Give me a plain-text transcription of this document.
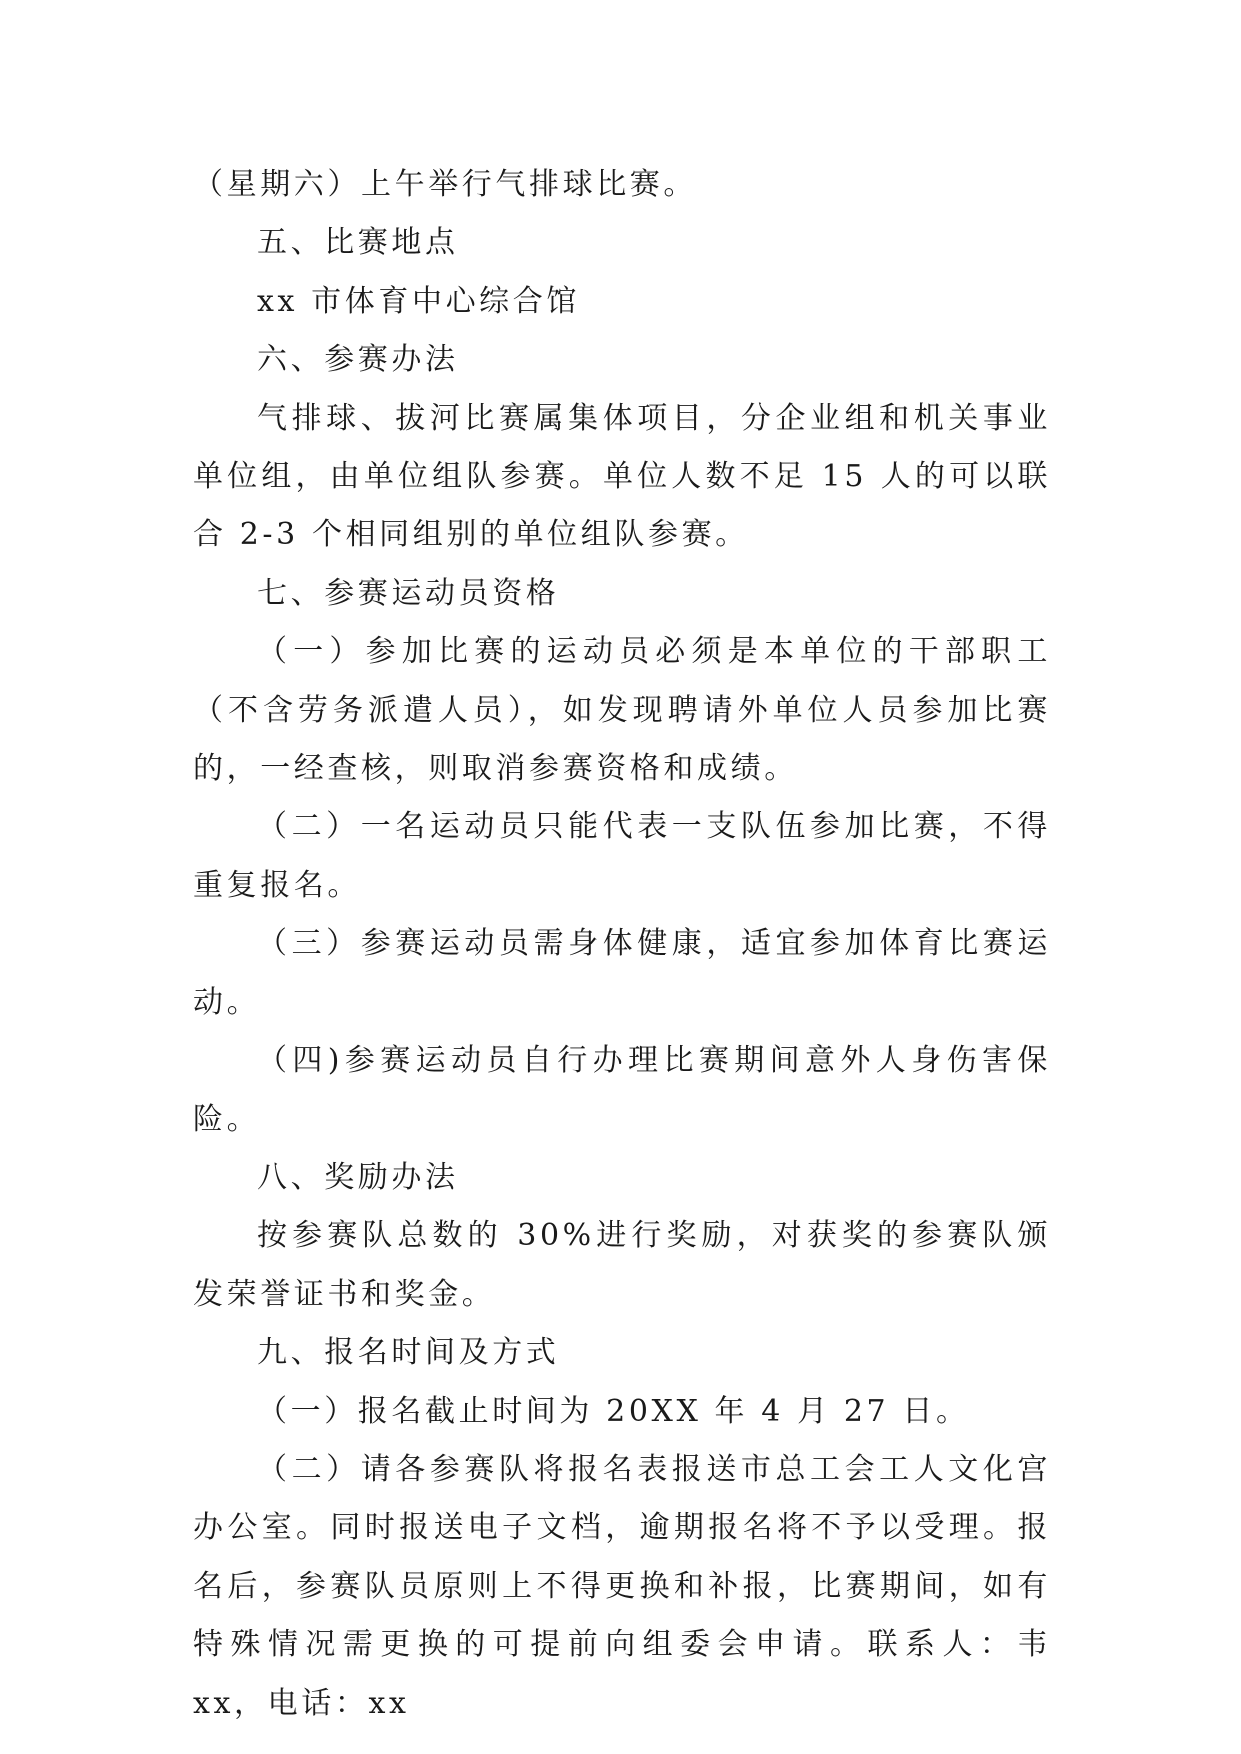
（星期六）上午举行气排球比赛。

五、比赛地点

xx 市体育中心综合馆

六、参赛办法

气排球、拔河比赛属集体项目，分企业组和机关事业单位组，由单位组队参赛。单位人数不足 15 人的可以联合 2-3 个相同组别的单位组队参赛。

七、参赛运动员资格

（一）参加比赛的运动员必须是本单位的干部职工（不含劳务派遣人员），如发现聘请外单位人员参加比赛的，一经查核，则取消参赛资格和成绩。

（二）一名运动员只能代表一支队伍参加比赛，不得重复报名。

（三）参赛运动员需身体健康，适宜参加体育比赛运动。

（四)参赛运动员自行办理比赛期间意外人身伤害保险。

八、奖励办法

按参赛队总数的 30%进行奖励，对获奖的参赛队颁发荣誉证书和奖金。

九、报名时间及方式

（一）报名截止时间为 20XX 年 4 月 27 日。

（二）请各参赛队将报名表报送市总工会工人文化宫办公室。同时报送电子文档，逾期报名将不予以受理。报名后，参赛队员原则上不得更换和补报，比赛期间，如有特殊情况需更换的可提前向组委会申请。联系人：韦 xx，电话：xx
